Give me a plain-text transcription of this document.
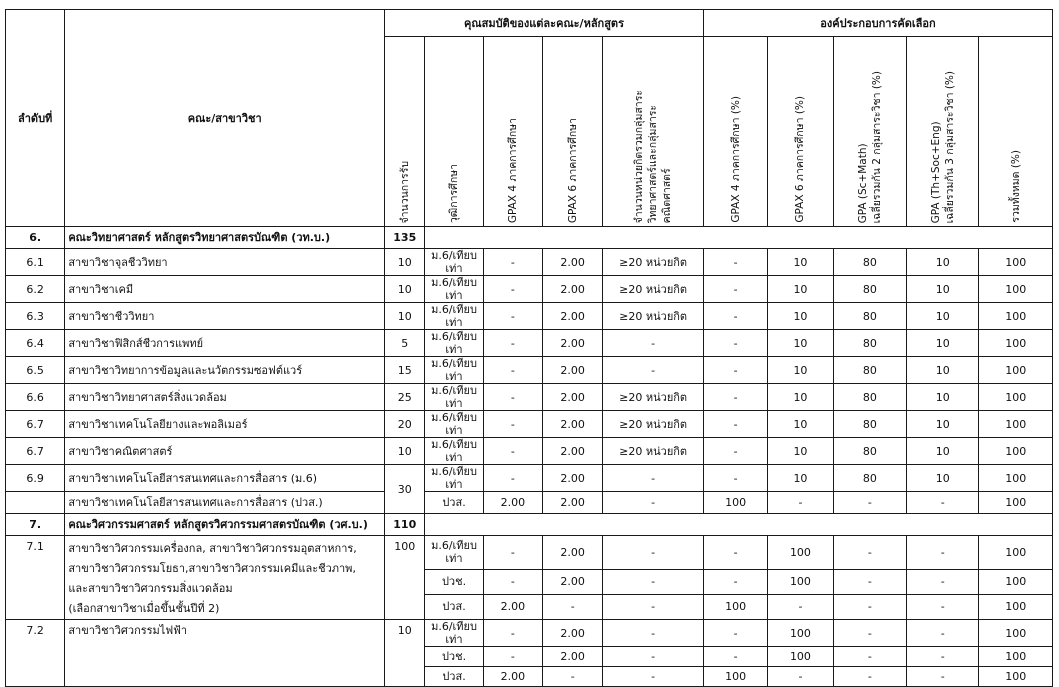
ลำดับที่	คณะ/สาขาวิชา	คุณสมบัติของแต่ละคณะ/หลักสูตร					องค์ประกอบการคัดเลือก				
		จำนวนการรับ	วุฒิการศึกษา	GPAX 4 ภาคการศึกษา	GPAX 6 ภาคการศึกษา	จำนวนหน่วยกิตรวมกลุ่มสาระ วิทยาศาสตร์และกลุ่มสาระ คณิตศาสตร์	GPAX 4 ภาคการศึกษา (%)	GPAX 6 ภาคการศึกษา (%)	GPA (Sc+Math) เฉลี่ยรวมกัน 2 กลุ่มสาระวิชา (%)	GPA (Th+Soc+Eng) เฉลี่ยรวมกัน 3 กลุ่มสาระวิชา (%)	รวมทั้งหมด (%)
6.	คณะวิทยาศาสตร์ หลักสูตรวิทยาศาสตรบัณฑิต (วท.บ.)	135									
6.1	สาขาวิชาจุลชีววิทยา	10	ม.6/เทียบเท่า	-	2.00	≥20 หน่วยกิต	-	10	80	10	100
6.2	สาขาวิชาเคมี	10	ม.6/เทียบเท่า	-	2.00	≥20 หน่วยกิต	-	10	80	10	100
6.3	สาขาวิชาชีววิทยา	10	ม.6/เทียบเท่า	-	2.00	≥20 หน่วยกิต	-	10	80	10	100
6.4	สาขาวิชาฟิสิกส์ชีวการแพทย์	5	ม.6/เทียบเท่า	-	2.00	-	-	10	80	10	100
6.5	สาขาวิชาวิทยาการข้อมูลและนวัตกรรมซอฟต์แวร์	15	ม.6/เทียบเท่า	-	2.00	-	-	10	80	10	100
6.6	สาขาวิชาวิทยาศาสตร์สิ่งแวดล้อม	25	ม.6/เทียบเท่า	-	2.00	≥20 หน่วยกิต	-	10	80	10	100
6.7	สาขาวิชาเทคโนโลยียางและพอลิเมอร์	20	ม.6/เทียบเท่า	-	2.00	≥20 หน่วยกิต	-	10	80	10	100
6.7	สาขาวิชาคณิตศาสตร์	10	ม.6/เทียบเท่า	-	2.00	≥20 หน่วยกิต	-	10	80	10	100
6.9	สาขาวิชาเทคโนโลยีสารสนเทศและการสื่อสาร (ม.6)	30	ม.6/เทียบเท่า	-	2.00	-	-	10	80	10	100
	สาขาวิชาเทคโนโลยีสารสนเทศและการสื่อสาร (ปวส.)		ปวส.	2.00	2.00	-	100	-	-	-	100
7.	คณะวิศวกรรมศาสตร์ หลักสูตรวิศวกรรมศาสตรบัณฑิต (วศ.บ.)	110									
7.1	สาขาวิชาวิศวกรรมเครื่องกล, สาขาวิชาวิศวกรรมอุตสาหการ,
สาขาวิชาวิศวกรรมโยธา,สาขาวิชาวิศวกรรมเคมีและชีวภาพ,
และสาขาวิชาวิศวกรรมสิ่งแวดล้อม
(เลือกสาขาวิชาเมื่อขึ้นชั้นปีที่ 2)	100	ม.6/เทียบเท่า	-	2.00	-	-	100	-	-	100
			ปวช.	-	2.00	-	-	100	-	-	100
			ปวส.	2.00	-	-	100	-	-	-	100
7.2	สาขาวิชาวิศวกรรมไฟฟ้า	10	ม.6/เทียบเท่า	-	2.00	-	-	100	-	-	100
			ปวช.	-	2.00	-	-	100	-	-	100
			ปวส.	2.00	-	-	100	-	-	-	100
